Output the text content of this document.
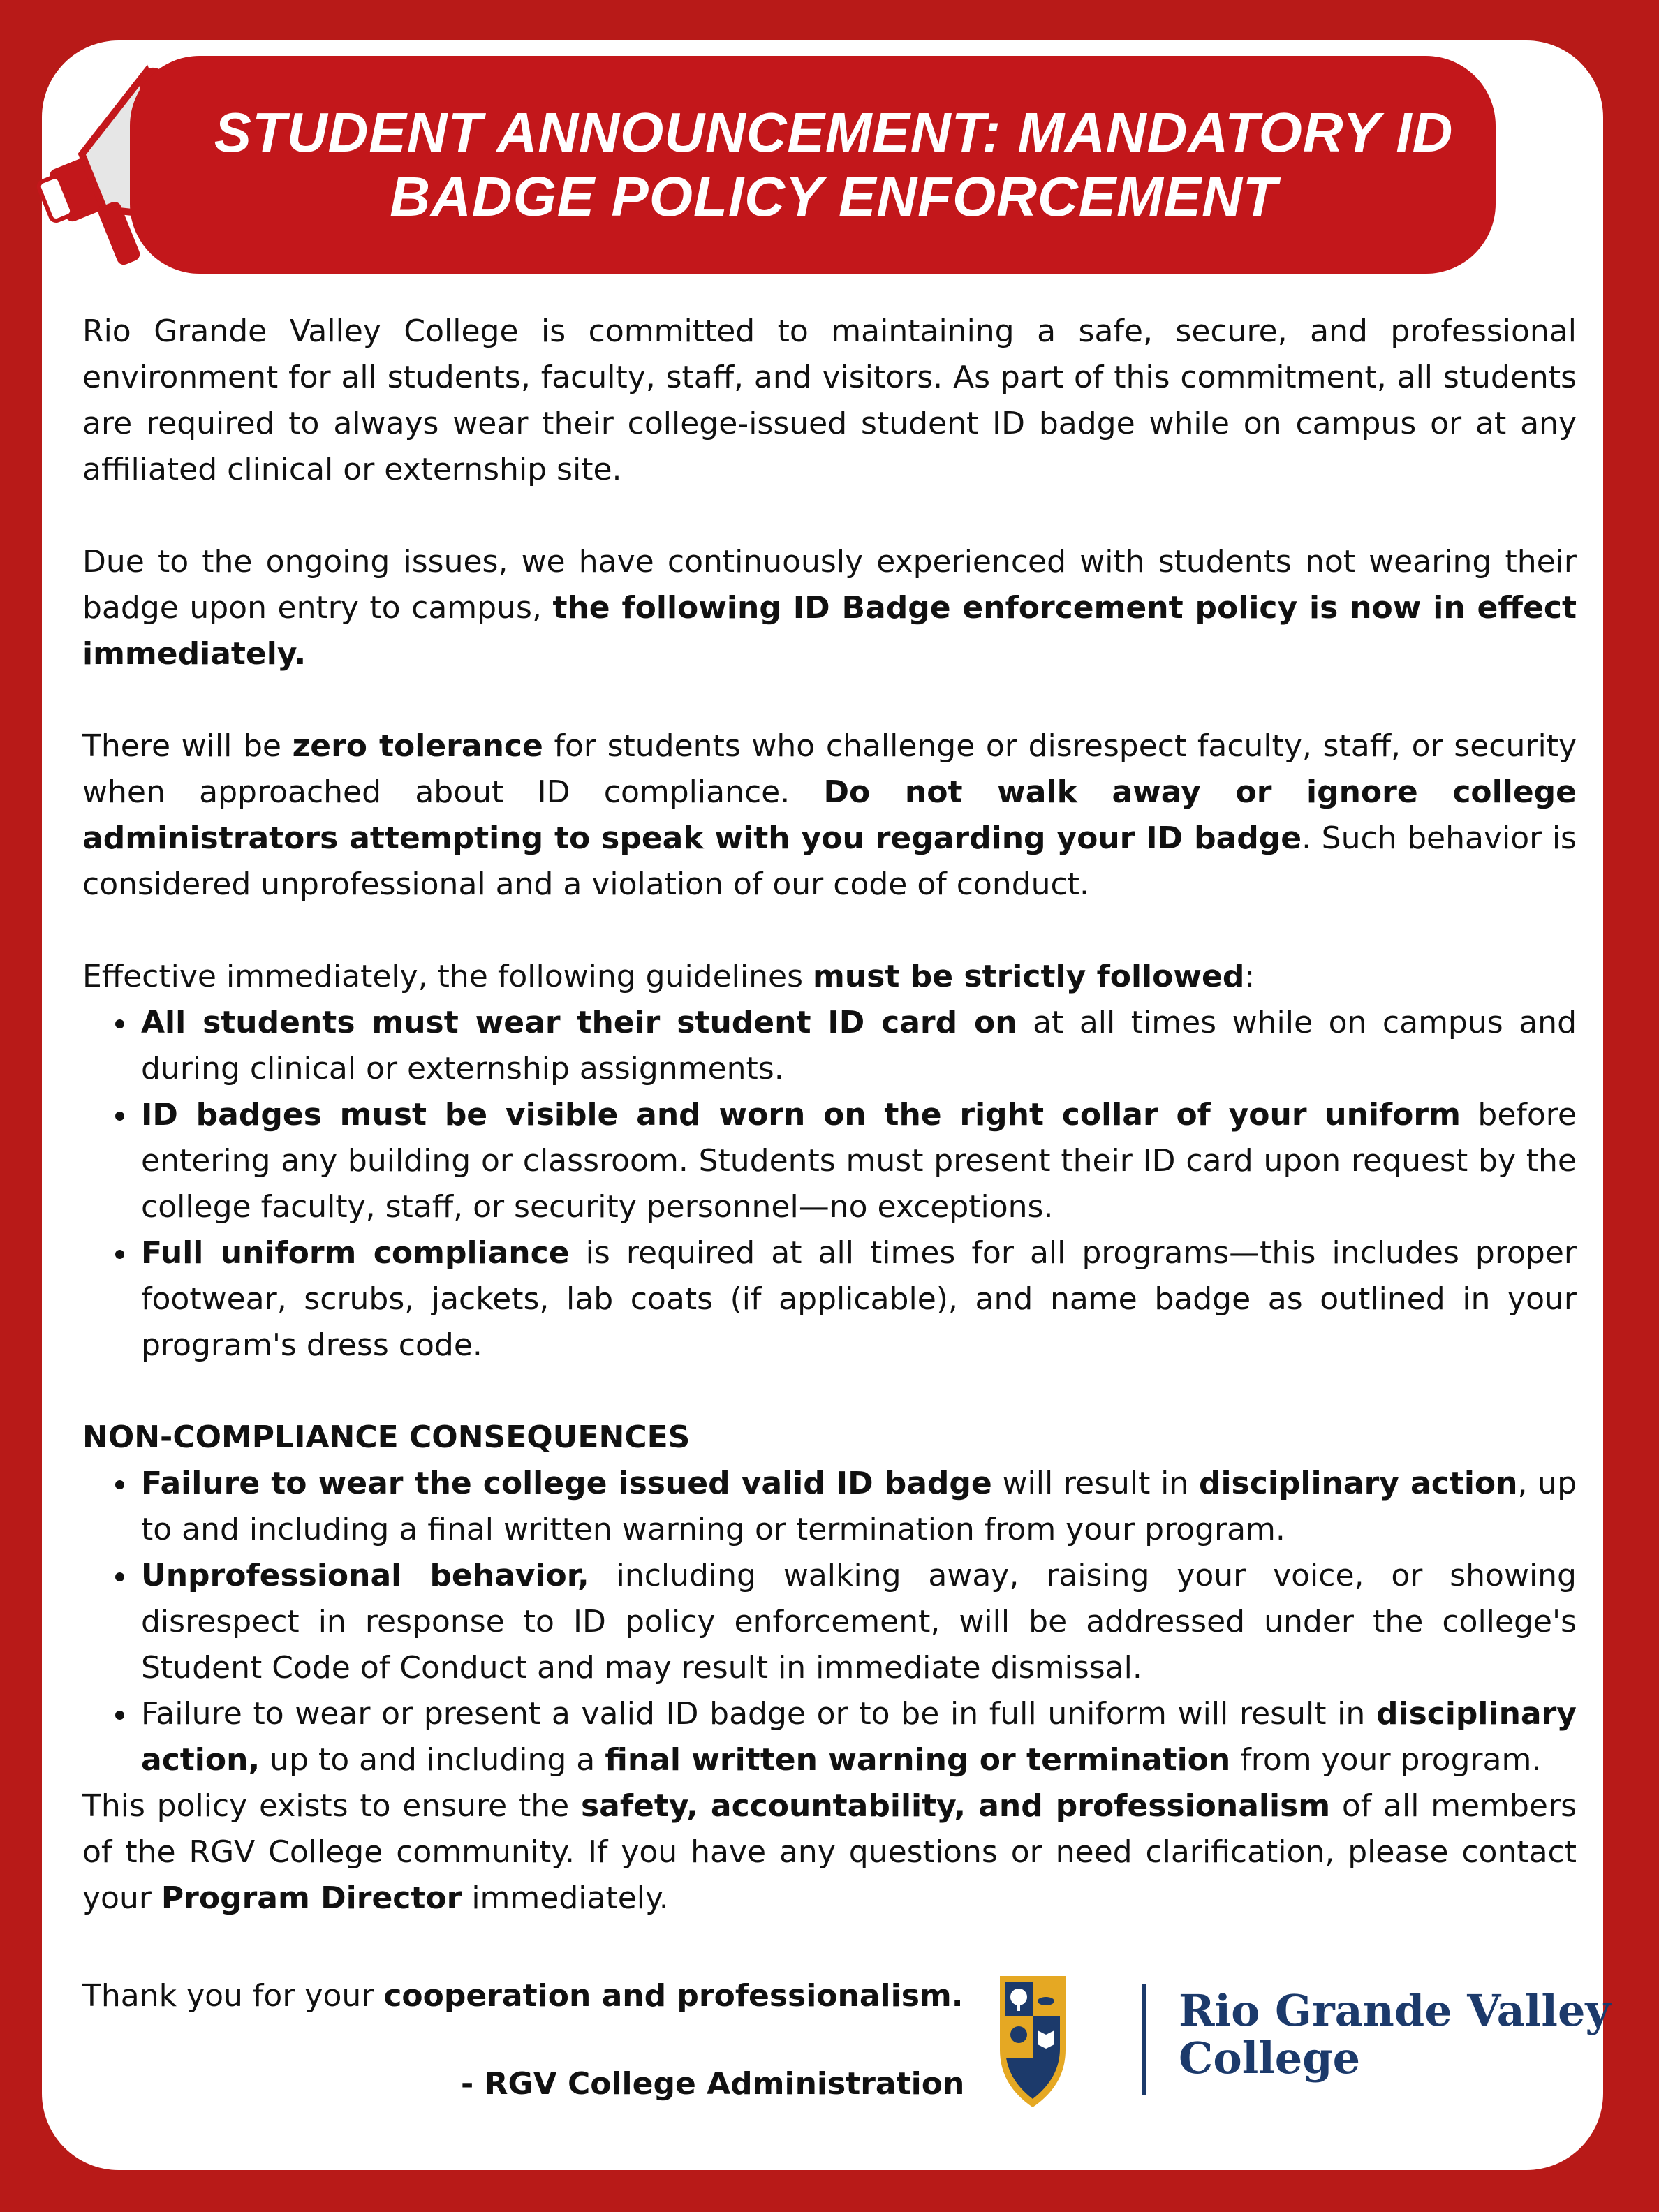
STUDENT ANNOUNCEMENT: MANDATORY ID
BADGE POLICY ENFORCEMENT

Rio Grande Valley College is committed to maintaining a safe, secure, and professional environment for all students, faculty, staff, and visitors. As part of this commitment, all students are required to always wear their college-issued student ID badge while on campus or at any affiliated clinical or externship site.

Due to the ongoing issues, we have continuously experienced with students not wearing their badge upon entry to campus, the following ID Badge enforcement policy is now in effect immediately.

There will be zero tolerance for students who challenge or disrespect faculty, staff, or security when approached about ID compliance. Do not walk away or ignore college administrators attempting to speak with you regarding your ID badge. Such behavior is considered unprofessional and a violation of our code of conduct.

Effective immediately, the following guidelines must be strictly followed:

• All students must wear their student ID card on at all times while on campus and during clinical or externship assignments.
• ID badges must be visible and worn on the right collar of your uniform before entering any building or classroom. Students must present their ID card upon request by the college faculty, staff, or security personnel—no exceptions.
• Full uniform compliance is required at all times for all programs—this includes proper footwear, scrubs, jackets, lab coats (if applicable), and name badge as outlined in your program's dress code.

NON-COMPLIANCE CONSEQUENCES

• Failure to wear the college issued valid ID badge will result in disciplinary action, up to and including a final written warning or termination from your program.
• Unprofessional behavior, including walking away, raising your voice, or showing disrespect in response to ID policy enforcement, will be addressed under the college's Student Code of Conduct and may result in immediate dismissal.
• Failure to wear or present a valid ID badge or to be in full uniform will result in disciplinary action, up to and including a final written warning or termination from your program.

This policy exists to ensure the safety, accountability, and professionalism of all members of the RGV College community. If you have any questions or need clarification, please contact your Program Director immediately.

Thank you for your cooperation and professionalism.
- RGV College Administration
Rio Grande Valley
College
